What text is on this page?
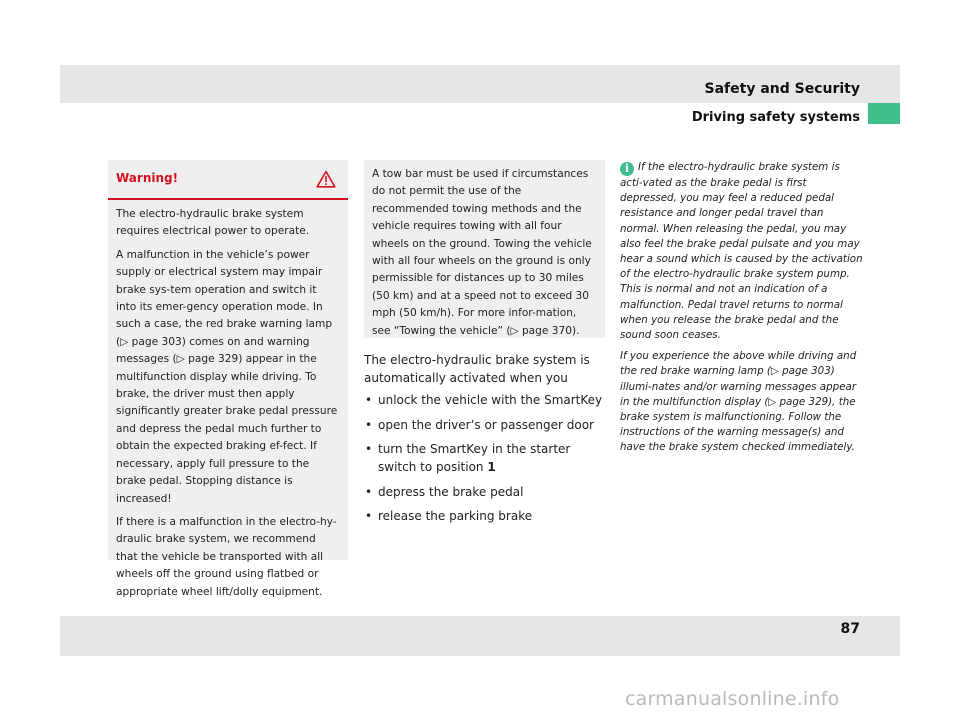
Safety and Security
Driving safety systems
Warning!

The electro-hydraulic brake system requires electrical power to operate.

A malfunction in the vehicle’s power supply or electrical system may impair brake sys-tem operation and switch it into its emer-gency operation mode. In such a case, the red brake warning lamp (▷ page 303) comes on and warning messages (▷ page 329) appear in the multifunction display while driving. To brake, the driver must then apply significantly greater brake pedal pressure and depress the pedal much further to obtain the expected braking ef-fect. If necessary, apply full pressure to the brake pedal. Stopping distance is increased!

If there is a malfunction in the electro-hy-draulic brake system, we recommend that the vehicle be transported with all wheels off the ground using flatbed or appropriate wheel lift/dolly equipment.

A tow bar must be used if circumstances do not permit the use of the recommended towing methods and the vehicle requires towing with all four wheels on the ground. Towing the vehicle with all four wheels on the ground is only permissible for distances up to 30 miles (50 km) and at a speed not to exceed 30 mph (50 km/h). For more infor-mation, see “Towing the vehicle” (▷ page 370).

The electro-hydraulic brake system is automatically activated when you

• unlock the vehicle with the SmartKey
• open the driver’s or passenger door
• turn the SmartKey in the starter switch to position 1
• depress the brake pedal
• release the parking brake

i If the electro-hydraulic brake system is acti-vated as the brake pedal is first depressed, you may feel a reduced pedal resistance and longer pedal travel than normal. When releasing the pedal, you may also feel the brake pedal pulsate and you may hear a sound which is caused by the activation of the electro-hydraulic brake system pump. This is normal and not an indication of a malfunction. Pedal travel returns to normal when you release the brake pedal and the sound soon ceases.

If you experience the above while driving and the red brake warning lamp (▷ page 303) illumi-nates and/or warning messages appear in the multifunction display (▷ page 329), the brake system is malfunctioning. Follow the instructions of the warning message(s) and have the brake system checked immediately.

87
carmanualsonline.info
